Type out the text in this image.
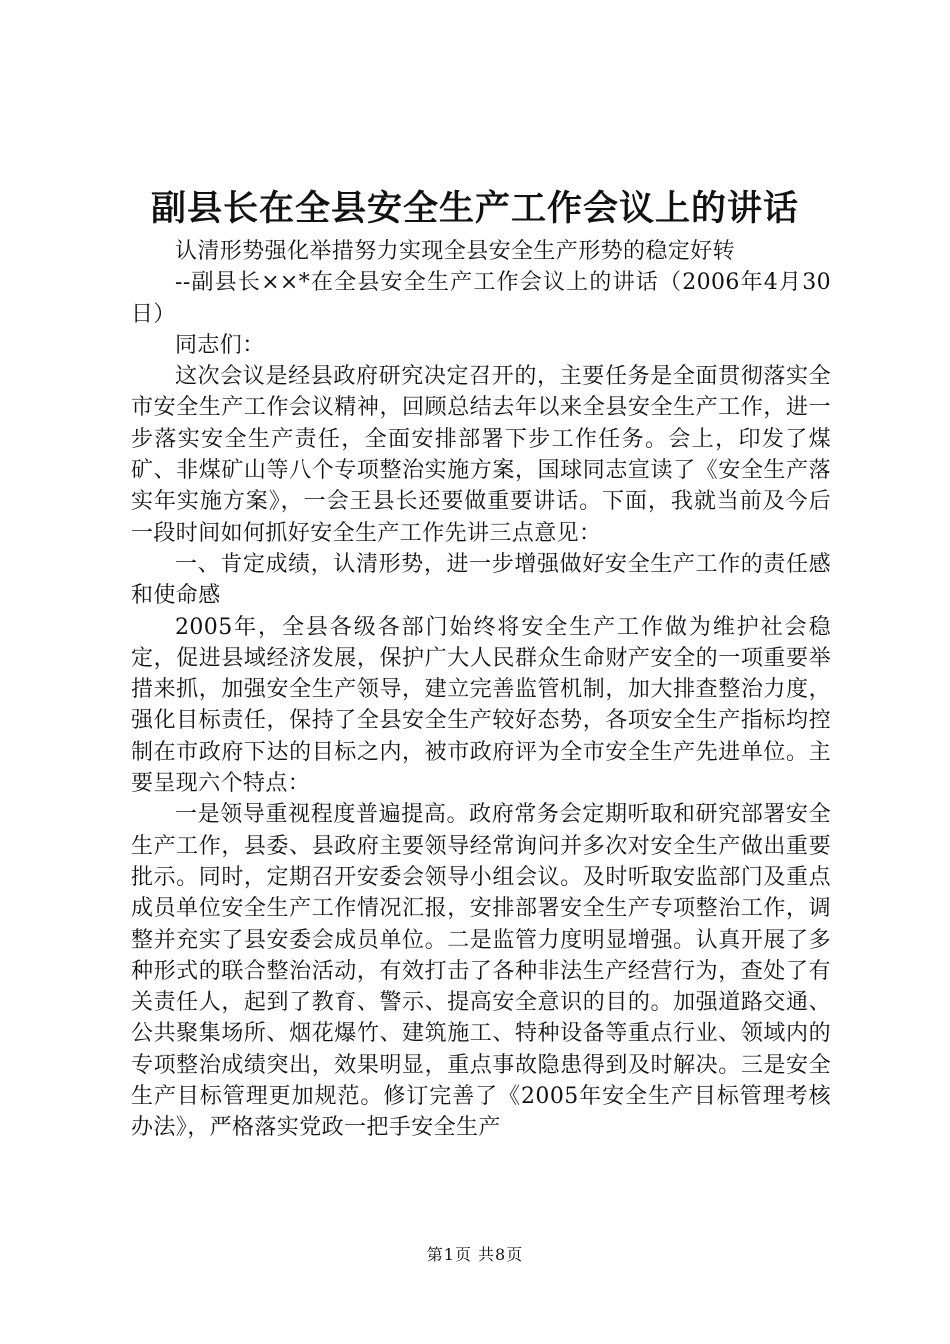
副县长在全县安全生产工作会议上的讲话

认清形势强化举措努力实现全县安全生产形势的稳定好转

--副县长××*在全县安全生产工作会议上的讲话（2006年4月30日）

同志们：

这次会议是经县政府研究决定召开的，主要任务是全面贯彻落实全市安全生产工作会议精神，回顾总结去年以来全县安全生产工作，进一步落实安全生产责任，全面安排部署下步工作任务。会上，印发了煤矿、非煤矿山等八个专项整治实施方案，国球同志宣读了《安全生产落实年实施方案》，一会王县长还要做重要讲话。下面，我就当前及今后一段时间如何抓好安全生产工作先讲三点意见：

一、肯定成绩，认清形势，进一步增强做好安全生产工作的责任感和使命感

2005年，全县各级各部门始终将安全生产工作做为维护社会稳定，促进县域经济发展，保护广大人民群众生命财产安全的一项重要举措来抓，加强安全生产领导，建立完善监管机制，加大排查整治力度，强化目标责任，保持了全县安全生产较好态势，各项安全生产指标均控制在市政府下达的目标之内，被市政府评为全市安全生产先进单位。主要呈现六个特点：

一是领导重视程度普遍提高。政府常务会定期听取和研究部署安全生产工作，县委、县政府主要领导经常询问并多次对安全生产做出重要批示。同时，定期召开安委会领导小组会议。及时听取安监部门及重点成员单位安全生产工作情况汇报，安排部署安全生产专项整治工作，调整并充实了县安委会成员单位。二是监管力度明显增强。认真开展了多种形式的联合整治活动，有效打击了各种非法生产经营行为，查处了有关责任人，起到了教育、警示、提高安全意识的目的。加强道路交通、公共聚集场所、烟花爆竹、建筑施工、特种设备等重点行业、领域内的专项整治成绩突出，效果明显，重点事故隐患得到及时解决。三是安全生产目标管理更加规范。修订完善了《2005年安全生产目标管理考核办法》，严格落实党政一把手安全生产

第1页 共8页
